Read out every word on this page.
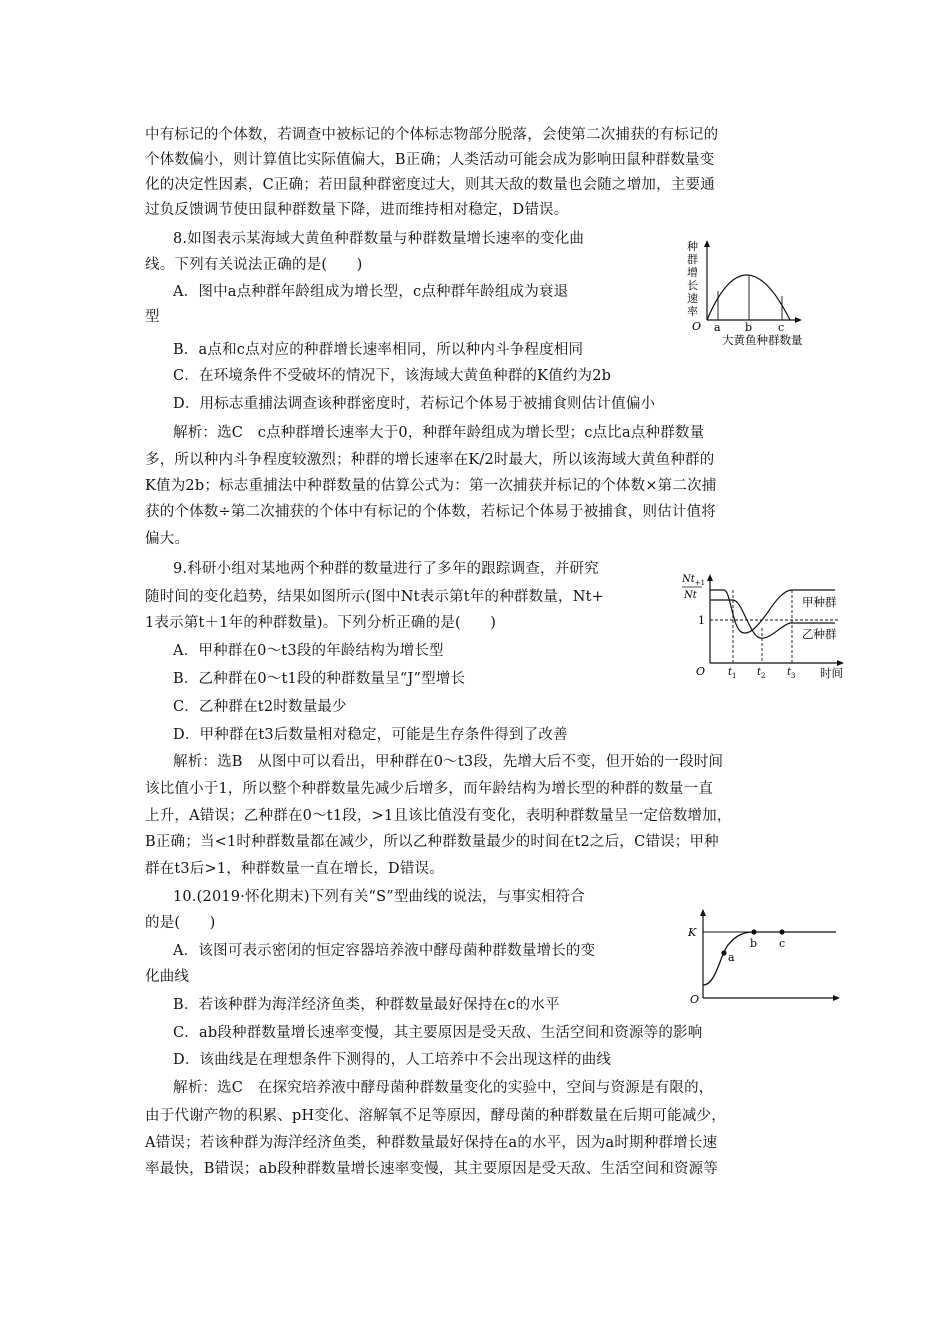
中有标记的个体数，若调查中被标记的个体标志物部分脱落，会使第二次捕获的有标记的
个体数偏小，则计算值比实际值偏大，B正确；人类活动可能会成为影响田鼠种群数量变
化的决定性因素，C正确；若田鼠种群密度过大，则其天敌的数量也会随之增加，主要通
过负反馈调节使田鼠种群数量下降，进而维持相对稳定，D错误。
8.如图表示某海域大黄鱼种群数量与种群数量增长速率的变化曲
线。下列有关说法正确的是(　　)
A．图中a点种群年龄组成为增长型，c点种群年龄组成为衰退
型
B．a点和c点对应的种群增长速率相同，所以种内斗争程度相同
C．在环境条件不受破坏的情况下，该海域大黄鱼种群的K值约为2b
D．用标志重捕法调查该种群密度时，若标记个体易于被捕食则估计值偏小
解析：选C　c点种群增长速率大于0，种群年龄组成为增长型；c点比a点种群数量
多，所以种内斗争程度较激烈；种群的增长速率在K/2时最大，所以该海域大黄鱼种群的
K值为2b；标志重捕法中种群数量的估算公式为：第一次捕获并标记的个体数×第二次捕
获的个体数÷第二次捕获的个体中有标记的个体数，若标记个体易于被捕食，则估计值将
偏大。
9.科研小组对某地两个种群的数量进行了多年的跟踪调查，并研究
随时间的变化趋势，结果如图所示(图中Nt表示第t年的种群数量，Nt+
1表示第t＋1年的种群数量)。下列分析正确的是(　　)
A．甲种群在0～t3段的年龄结构为增长型
B．乙种群在0～t1段的种群数量呈“J”型增长
C．乙种群在t2时数量最少
D．甲种群在t3后数量相对稳定，可能是生存条件得到了改善
解析：选B　从图中可以看出，甲种群在0～t3段，先增大后不变，但开始的一段时间
该比值小于1，所以整个种群数量先减少后增多，而年龄结构为增长型的种群的数量一直
上升，A错误；乙种群在0～t1段，>1且该比值没有变化，表明种群数量呈一定倍数增加，
B正确；当<1时种群数量都在减少，所以乙种群数量最少的时间在t2之后，C错误；甲种
群在t3后>1，种群数量一直在增长，D错误。
10.(2019·怀化期末)下列有关“S”型曲线的说法，与事实相符合
的是(　　)
A．该图可表示密闭的恒定容器培养液中酵母菌种群数量增长的变
化曲线
B．若该种群为海洋经济鱼类，种群数量最好保持在c的水平
C．ab段种群数量增长速率变慢，其主要原因是受天敌、生活空间和资源等的影响
D．该曲线是在理想条件下测得的，人工培养中不会出现这样的曲线
解析：选C　在探究培养液中酵母菌种群数量变化的实验中，空间与资源是有限的，
由于代谢产物的积累、pH变化、溶解氧不足等原因，酵母菌的种群数量在后期可能减少，
A错误；若该种群为海洋经济鱼类，种群数量最好保持在a的水平，因为a时期种群增长速
率最快，B错误；ab段种群数量增长速率变慢，其主要原因是受天敌、生活空间和资源等
种
群
增
长
速
率
O a b c
大黄鱼种群数量
$Nt_{+1}$
Nt
1
O $t_1$ $t_2$ $t_3$ 时间
甲种群
乙种群
K
O
a
b c
